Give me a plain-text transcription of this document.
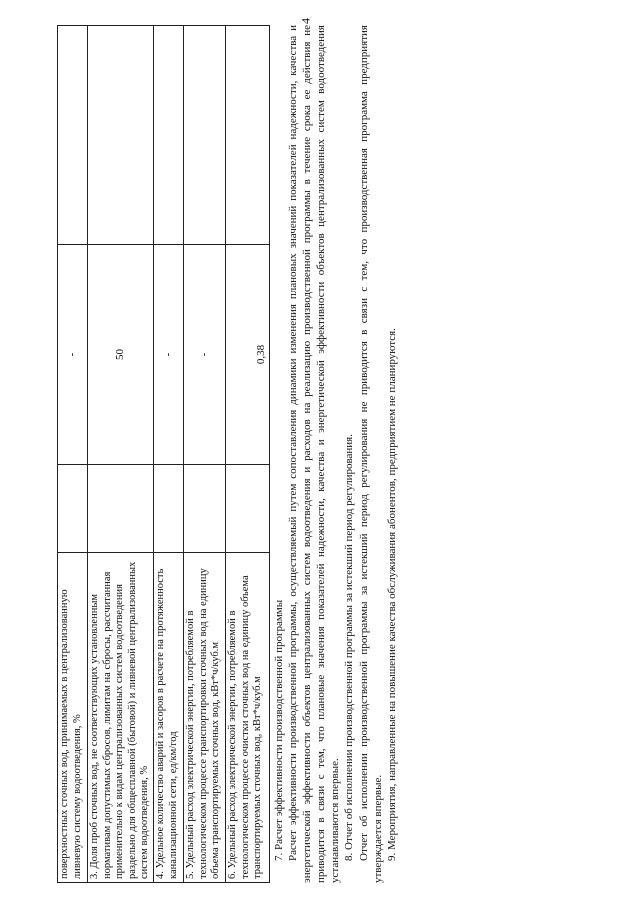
4
поверхностных сточных вод, принимаемых в централизованную ливневую систему водоотведения, %		-	
3. Доля проб сточных вод, не соответствующих установленным нормативам допустимых сбросов, лимитам на сбросы, рассчитанная применительно к видам централизованных систем водоотведения раздельно для общесплавной (бытовой) и ливневой централизованных систем водоотведения, %		50	
4. Удельное количество аварий и засоров в расчете на протяженность канализационной сети, ед/км/год		-	
5. Удельный расход электрической энергии, потребляемой в технологическом процессе транспортировки сточных вод на единицу объема транспортируемых сточных вод, кВт*ч/куб.м		-	
6. Удельный расход электрической энергии, потребляемой в технологическом процессе очистки сточных вод на единицу объема транспортируемых сточных вод, кВт*ч/куб.м		0,38	

7. Расчет эффективности производственной программы Расчет эффективности производственной программы, осуществляемый путем сопоставления динамики изменения плановых значений показателей надежности, качества и энергетической эффективности объектов централизованных систем водоотведения и расходов на реализацию производственной программы в течение срока ее действия не приводится в связи с тем, что плановые значения показателей надежности, качества и энергетической эффективности объектов централизованных систем водоотведения устанавливаются впервые. 8. Отчет об исполнении производственной программы за истекший период регулирования. Отчет об исполнении производственной программы за истекший период регулирования не приводится в связи с тем, что производственная программа предприятия утверждается впервые. 9. Мероприятия, направленные на повышение качества обслуживания абонентов, предприятием не планируются.
